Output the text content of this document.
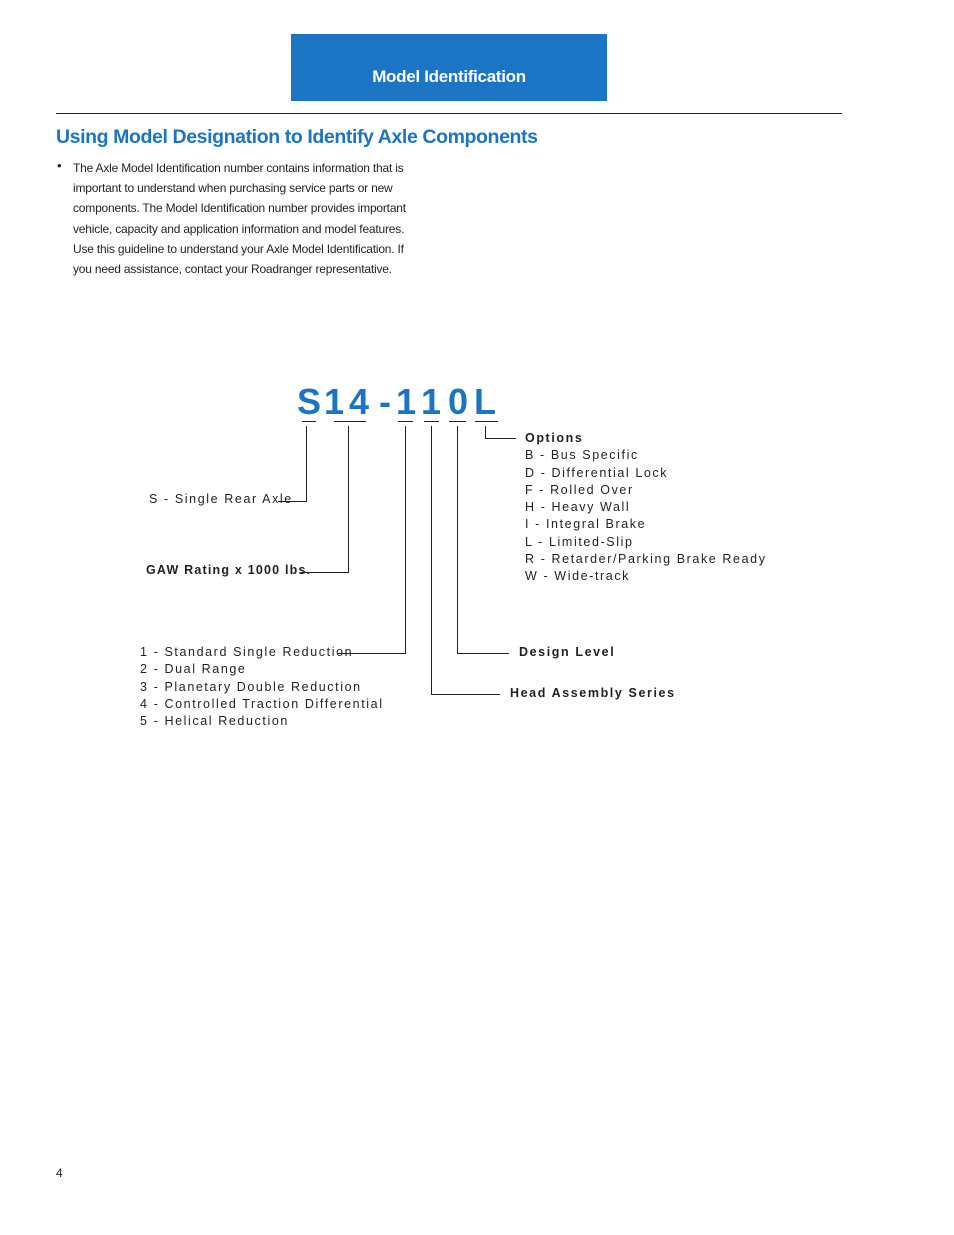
Model Identification
Using Model Designation to Identify Axle Components
• The Axle Model Identification number contains information that is important to understand when purchasing service parts or new components. The Model Identification number provides important vehicle, capacity and application information and model features. Use this guideline to understand your Axle Model Identification. If you need assistance, contact your Roadranger representative.

S 1 4 - 1 1 0 L
S - Single Rear Axle
GAW Rating x 1000 lbs.
1 - Standard Single Reduction
2 - Dual Range
3 - Planetary Double Reduction
4 - Controlled Traction Differential
5 - Helical Reduction
Head Assembly Series
Design Level
Options
B - Bus Specific
D - Differential Lock
F - Rolled Over
H - Heavy Wall
I - Integral Brake
L - Limited-Slip
R - Retarder/Parking Brake Ready
W - Wide-track
4
